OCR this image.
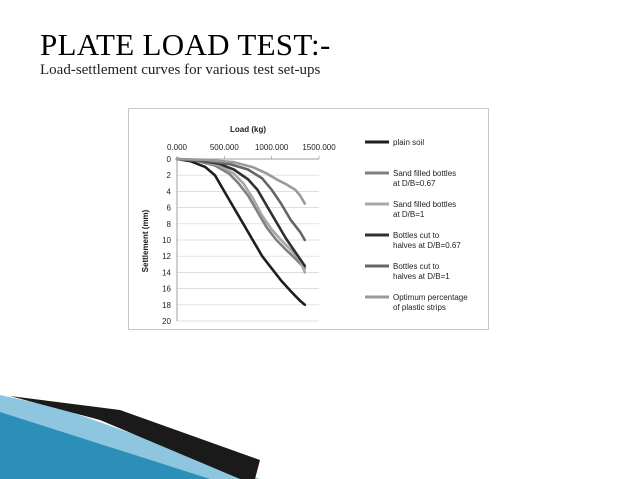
PLATE LOAD TEST:-

Load-settlement curves for various test set-ups

Load (kg)
Settlement (mm)
0.000	500.000 1000.000 1500.000
0
2
4
6
8
10
12
14
16
18
20
plain soil
Sand filled bottles at D/B=0.67
Sand filled bottles at D/B=1
Bottles cut to halves at D/B=0.67
Bottles cut to halves at D/B=1
Optimum percentage of plastic strips
